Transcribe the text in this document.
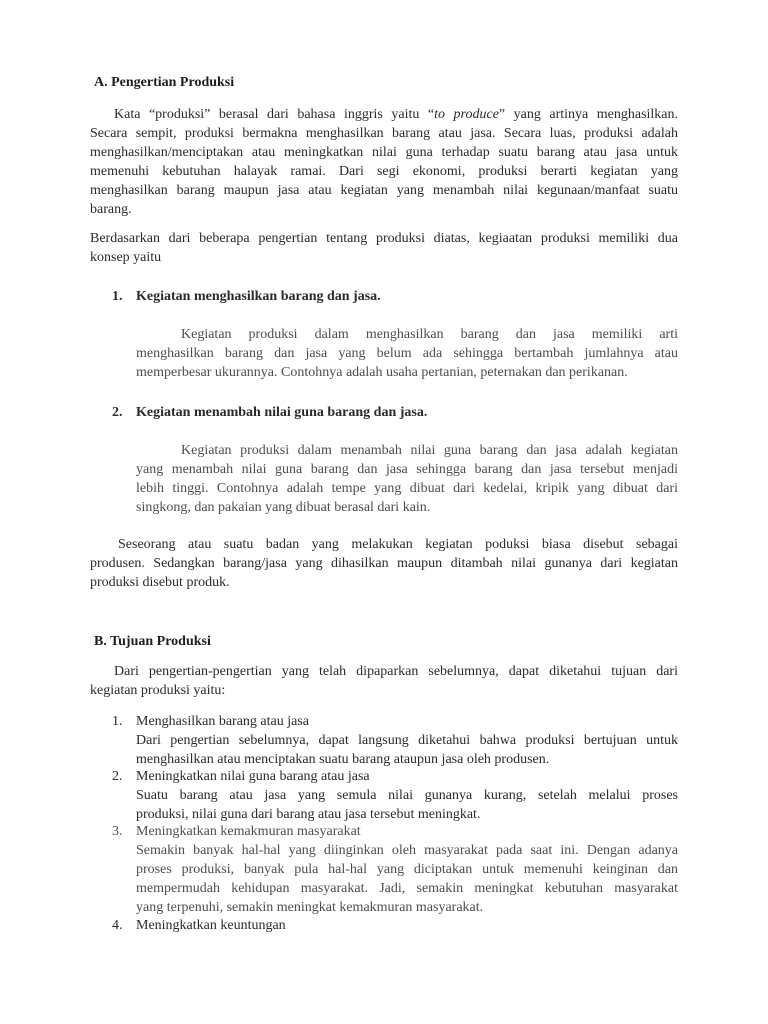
A. Pengertian Produksi
Kata “produksi” berasal dari bahasa inggris yaitu “to produce” yang artinya menghasilkan.
Secara sempit, produksi bermakna menghasilkan barang atau jasa. Secara luas, produksi adalah
menghasilkan/menciptakan atau meningkatkan nilai guna terhadap suatu barang atau jasa untuk
memenuhi kebutuhan halayak ramai. Dari segi ekonomi, produksi berarti kegiatan yang
menghasilkan barang maupun jasa atau kegiatan yang menambah nilai kegunaan/manfaat suatu
barang.
Berdasarkan dari beberapa pengertian tentang produksi diatas, kegiaatan produksi memiliki dua
konsep yaitu
1. Kegiatan menghasilkan barang dan jasa.
Kegiatan produksi dalam menghasilkan barang dan jasa memiliki arti
menghasilkan barang dan jasa yang belum ada sehingga bertambah jumlahnya atau
memperbesar ukurannya. Contohnya adalah usaha pertanian, peternakan dan perikanan.
2. Kegiatan menambah nilai guna barang dan jasa.
Kegiatan produksi dalam menambah nilai guna barang dan jasa adalah kegiatan
yang menambah nilai guna barang dan jasa sehingga barang dan jasa tersebut menjadi
lebih tinggi. Contohnya adalah tempe yang dibuat dari kedelai, kripik yang dibuat dari
singkong, dan pakaian yang dibuat berasal dari kain.
Seseorang atau suatu badan yang melakukan kegiatan poduksi biasa disebut sebagai
produsen. Sedangkan barang/jasa yang dihasilkan maupun ditambah nilai gunanya dari kegiatan
produksi disebut produk.
B. Tujuan Produksi
Dari pengertian-pengertian yang telah dipaparkan sebelumnya, dapat diketahui tujuan dari
kegiatan produksi yaitu:
1. Menghasilkan barang atau jasa
Dari pengertian sebelumnya, dapat langsung diketahui bahwa produksi bertujuan untuk
menghasilkan atau menciptakan suatu barang ataupun jasa oleh produsen.
2. Meningkatkan nilai guna barang atau jasa
Suatu barang atau jasa yang semula nilai gunanya kurang, setelah melalui proses
produksi, nilai guna dari barang atau jasa tersebut meningkat.
3. Meningkatkan kemakmuran masyarakat
Semakin banyak hal-hal yang diinginkan oleh masyarakat pada saat ini. Dengan adanya
proses produksi, banyak pula hal-hal yang diciptakan untuk memenuhi keinginan dan
mempermudah kehidupan masyarakat. Jadi, semakin meningkat kebutuhan masyarakat
yang terpenuhi, semakin meningkat kemakmuran masyarakat.
4. Meningkatkan keuntungan
